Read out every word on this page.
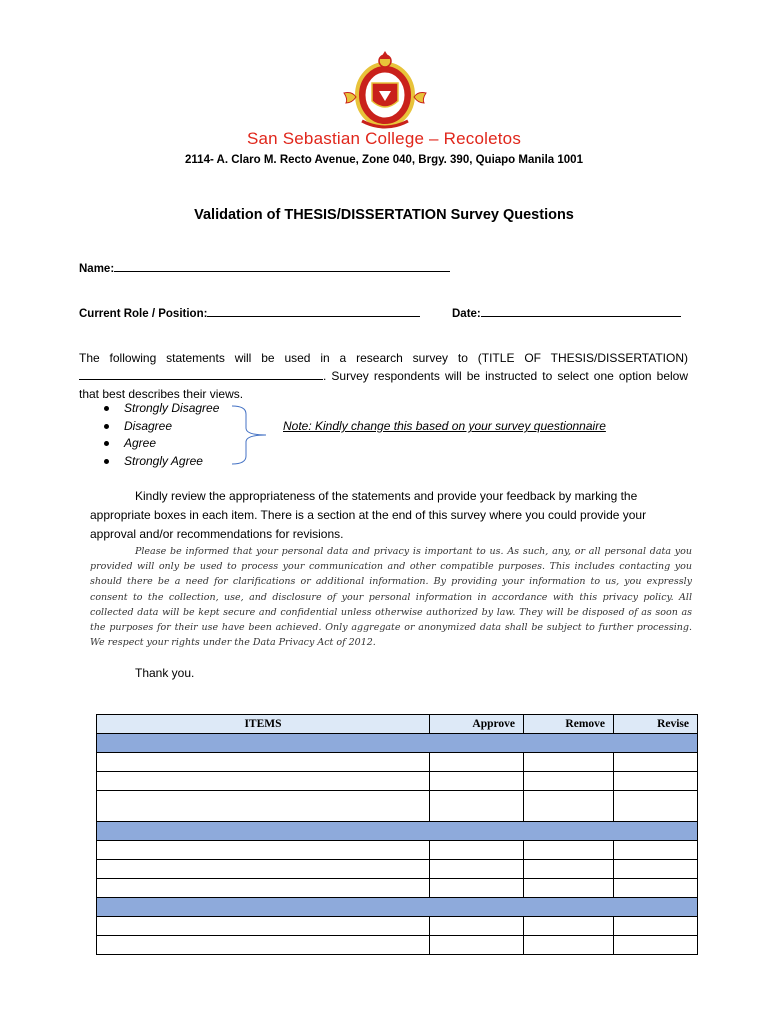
San Sebastian College – Recoletos
2114- A. Claro M. Recto Avenue, Zone 040, Brgy. 390, Quiapo Manila 1001
Validation of THESIS/DISSERTATION Survey Questions
Name:
Current Role / Position:	Date:
The following statements will be used in a research survey to (TITLE OF THESIS/DISSERTATION) . Survey respondents will be instructed to select one option below that best describes their views.
Strongly Disagree
Disagree
Agree
Strongly Agree
Note: Kindly change this based on your survey questionnaire
Kindly review the appropriateness of the statements and provide your feedback by marking the appropriate boxes in each item. There is a section at the end of this survey where you could provide your approval and/or recommendations for revisions.
Please be informed that your personal data and privacy is important to us. As such, any, or all personal data you provided will only be used to process your communication and other compatible purposes. This includes contacting you should there be a need for clarifications or additional information. By providing your information to us, you expressly consent to the collection, use, and disclosure of your personal information in accordance with this privacy policy. All collected data will be kept secure and confidential unless otherwise authorized by law. They will be disposed of as soon as the purposes for their use have been achieved. Only aggregate or anonymized data shall be subject to further processing. We respect your rights under the Data Privacy Act of 2012.
Thank you.
ITEMS	Approve	Remove	Revise
